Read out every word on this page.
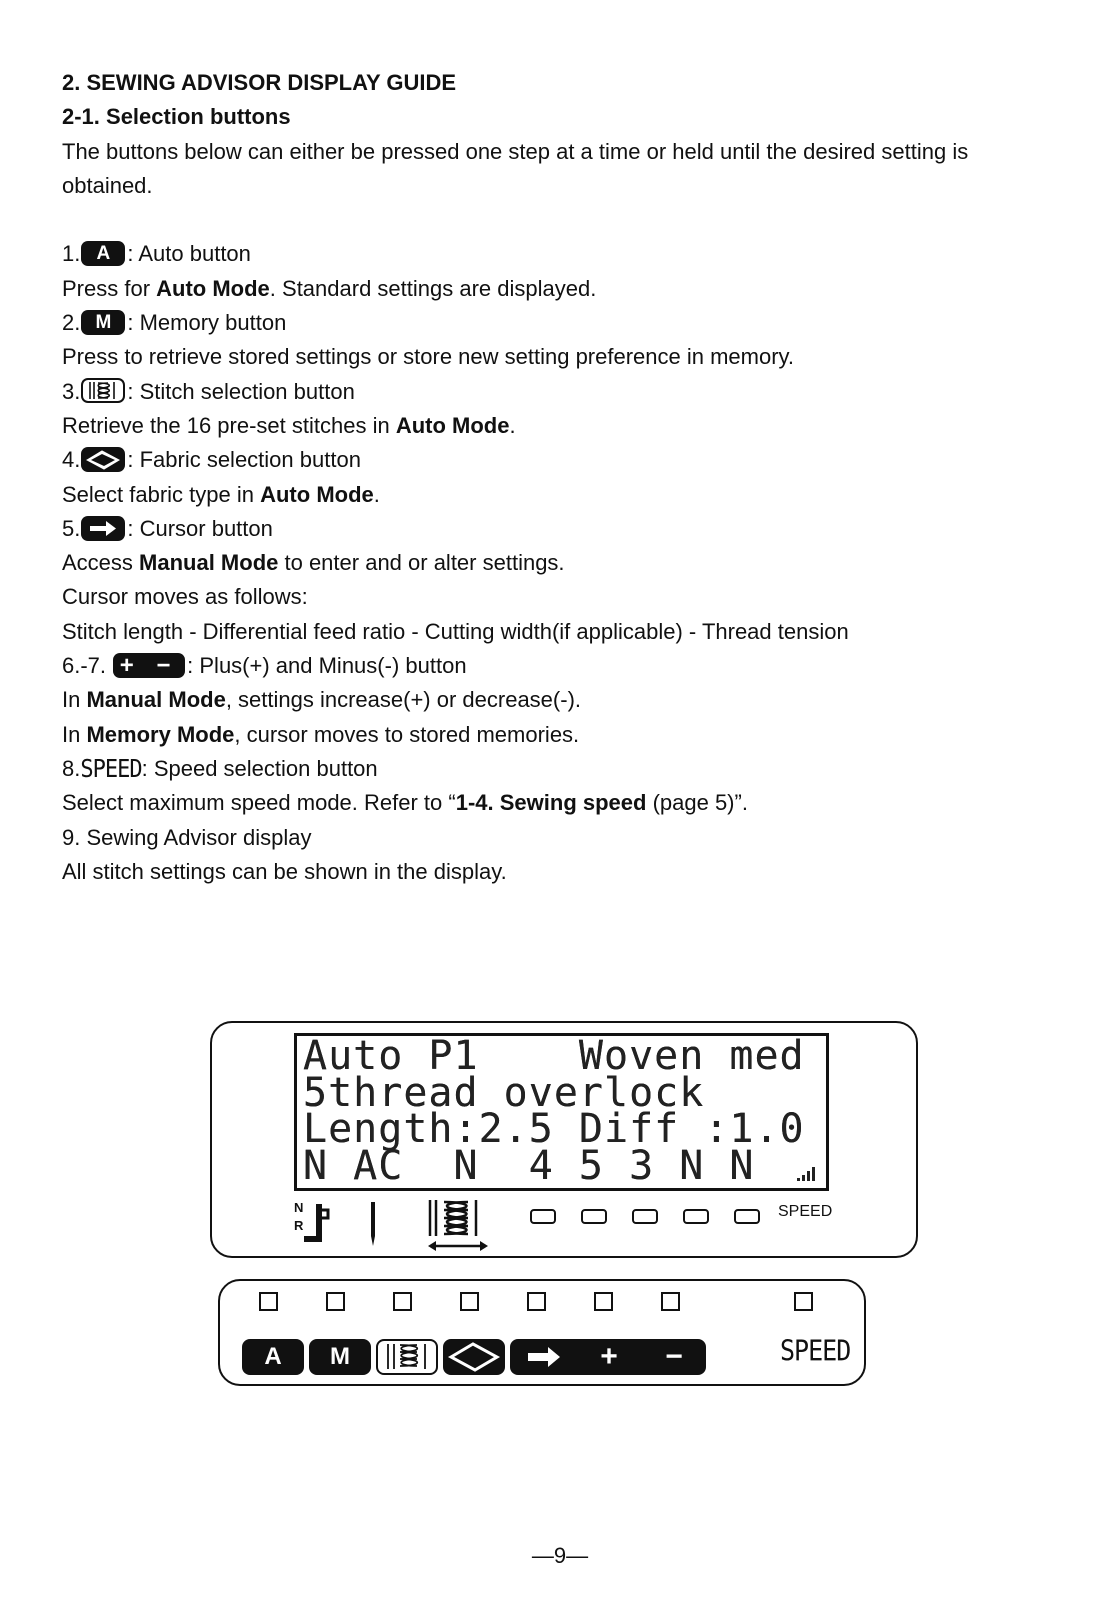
2. SEWING ADVISOR DISPLAY GUIDE
2-1. Selection buttons
The buttons below can either be pressed one step at a time or held until the desired setting is
obtained.
1. A : Auto button
Press for Auto Mode. Standard settings are displayed.
2. M : Memory button
Press to retrieve stored settings or store new setting preference in memory.
3. : Stitch selection button
Retrieve the 16 pre-set stitches in Auto Mode.
4. : Fabric selection button
Select fabric type in Auto Mode.
5. : Cursor button
Access Manual Mode to enter and or alter settings.
Cursor moves as follows:
Stitch length - Differential feed ratio - Cutting width(if applicable) - Thread tension
6.-7. + − : Plus(+) and Minus(-) button
In Manual Mode, settings increase(+) or decrease(-).
In Memory Mode, cursor moves to stored memories.
8.SPEED: Speed selection button
Select maximum speed mode. Refer to “1-4. Sewing speed (page 5)”.
9. Sewing Advisor display
All stitch settings can be shown in the display.
Auto P1    Woven med
5thread overlock
Length:2.5 Diff :1.0
N AC  N  4 5 3 N N
N
R
SPEED
A	M	+	−	SPEED
—9—
